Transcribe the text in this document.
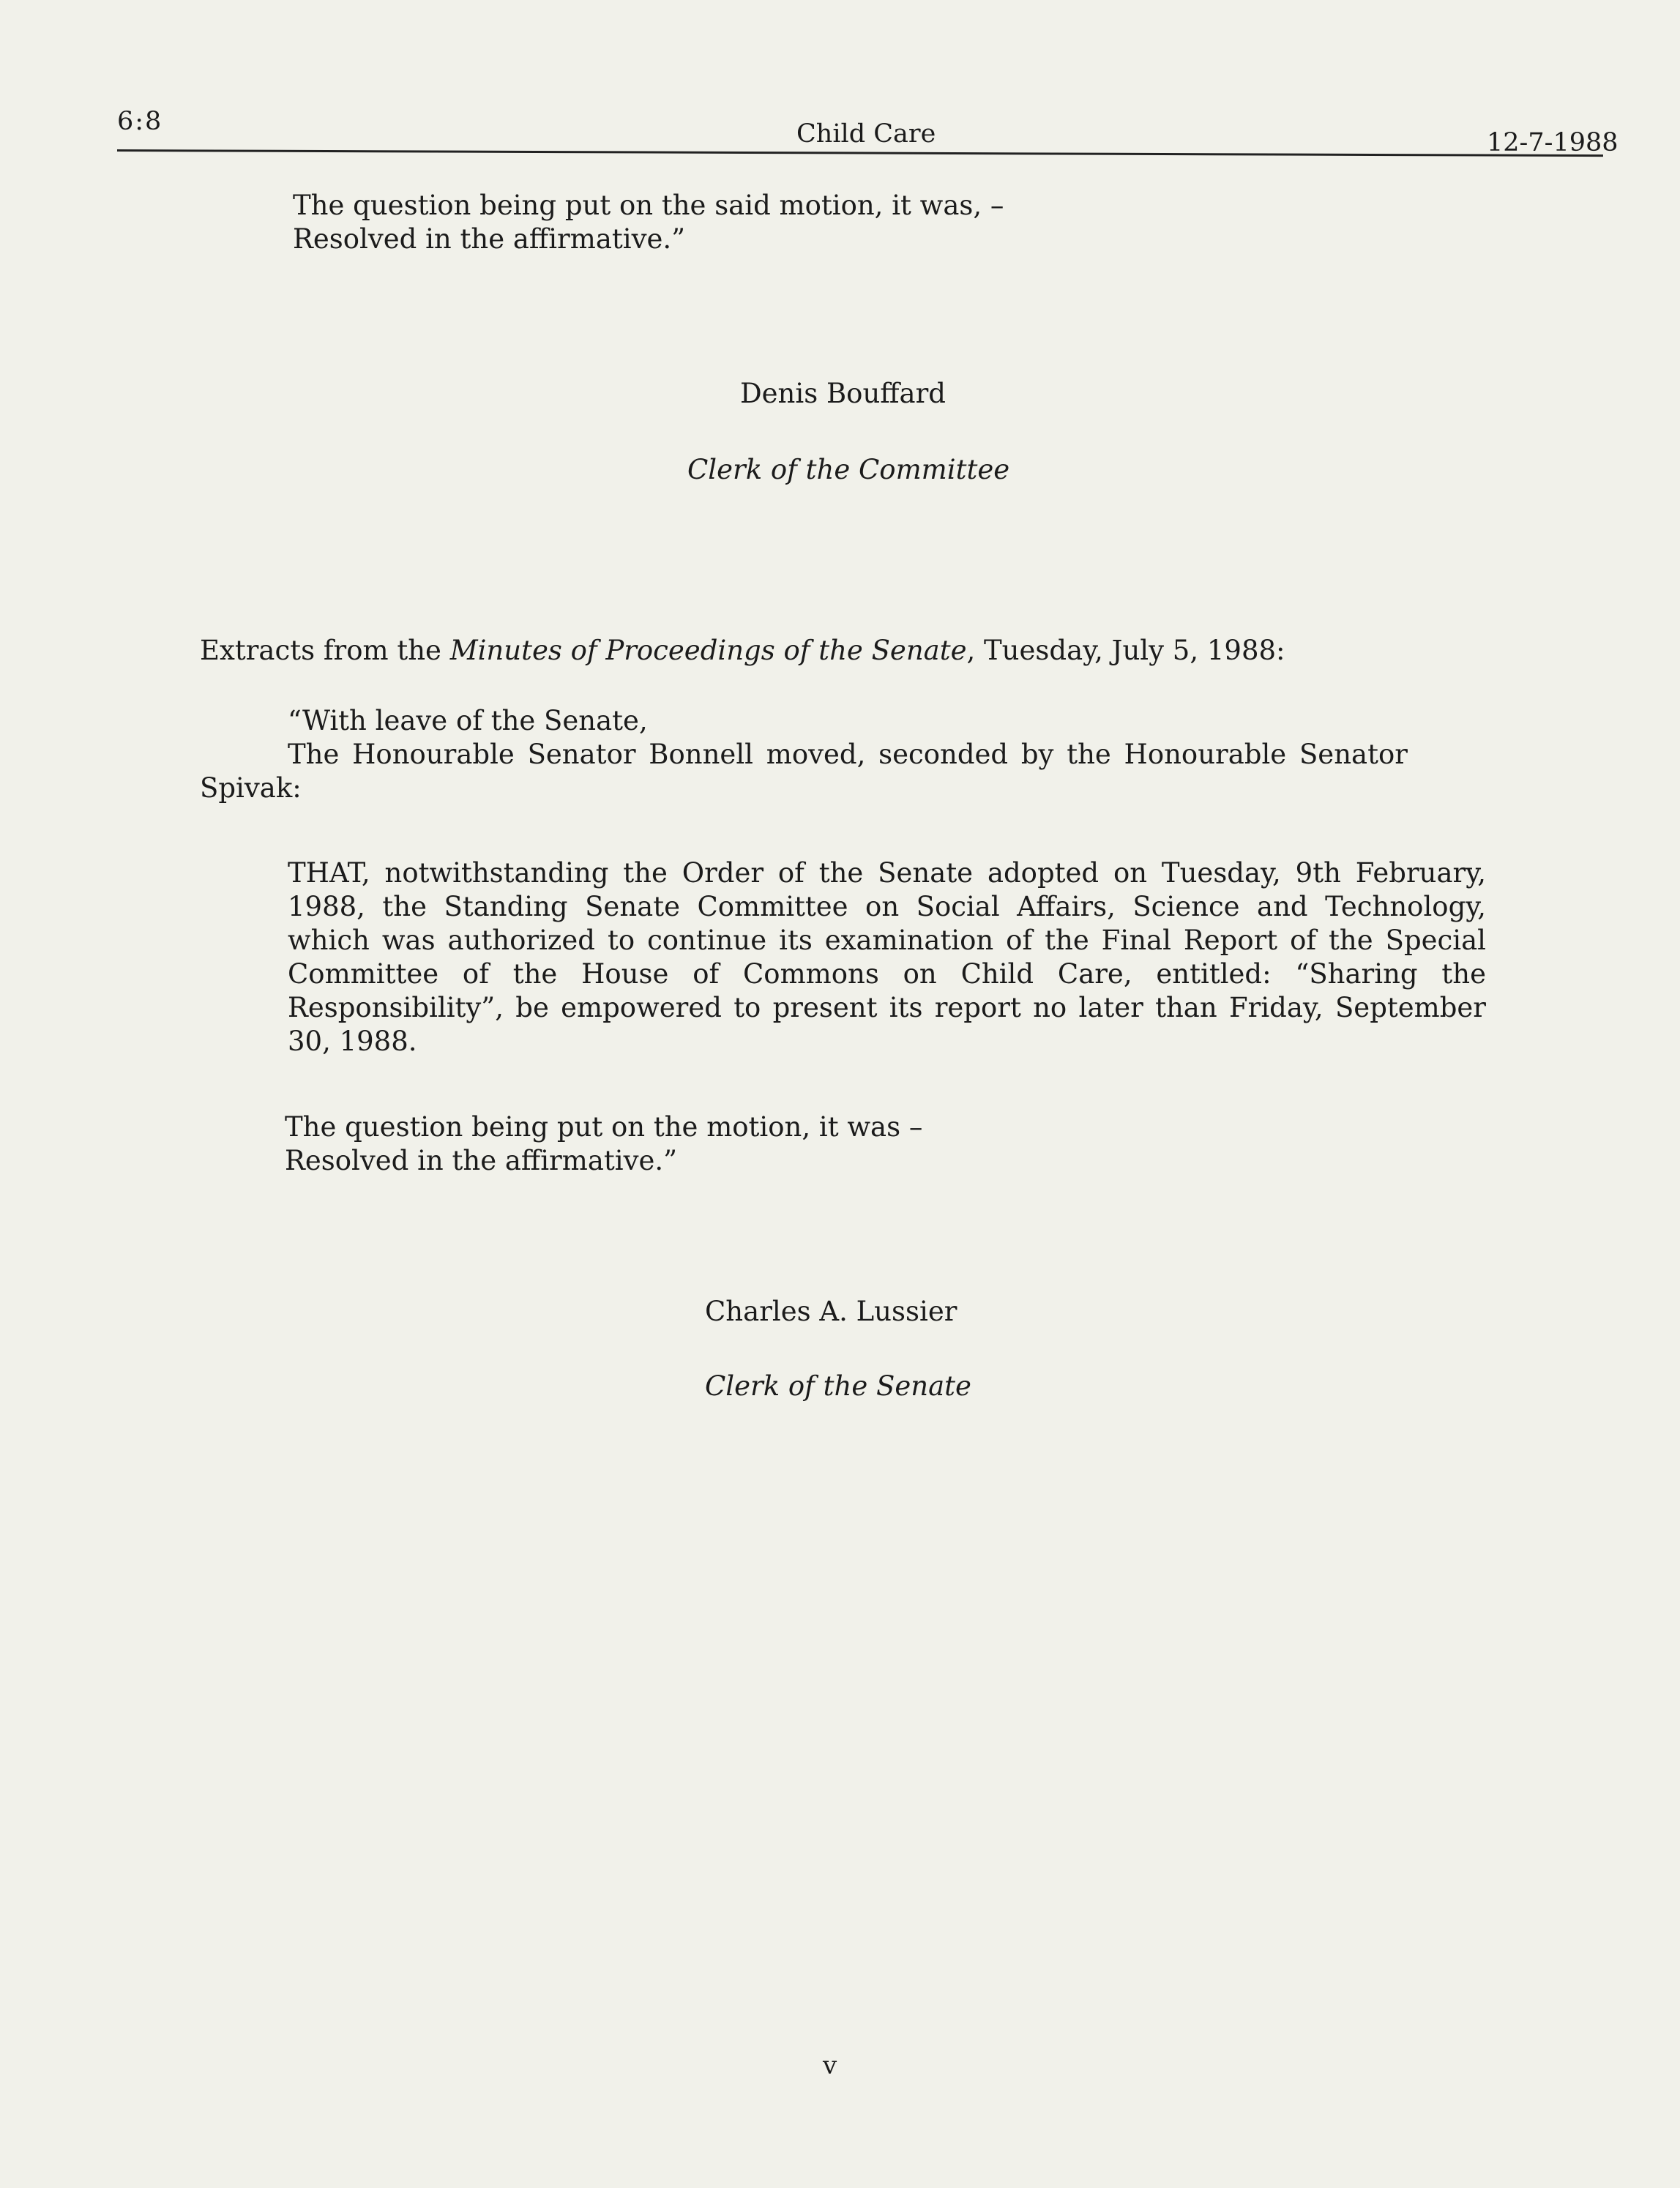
6:8	Child Care	12-7-1988
The question being put on the said motion, it was, –
Resolved in the affirmative.”
Denis Bouffard
Clerk of the Committee
Extracts from the Minutes of Proceedings of the Senate, Tuesday, July 5, 1988:
“With leave of the Senate,
The Honourable Senator Bonnell moved, seconded by the Honourable Senator
Spivak:
THAT, notwithstanding the Order of the Senate adopted on Tuesday, 9th February,
1988, the Standing Senate Committee on Social Affairs, Science and Technology,
which was authorized to continue its examination of the Final Report of the Special
Committee of the House of Commons on Child Care, entitled: “Sharing the
Responsibility”, be empowered to present its report no later than Friday, September
30, 1988.
The question being put on the motion, it was –
Resolved in the affirmative.”
Charles A. Lussier
Clerk of the Senate
v
